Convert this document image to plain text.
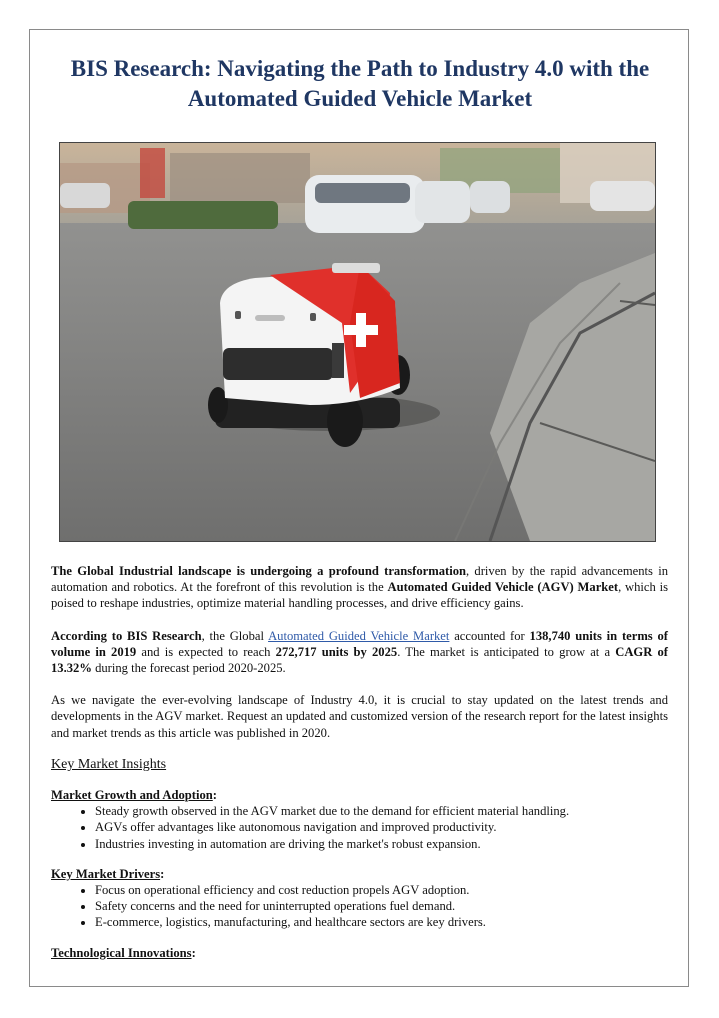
BIS Research: Navigating the Path to Industry 4.0 with the Automated Guided Vehicle Market

The Global Industrial landscape is undergoing a profound transformation, driven by the rapid advancements in automation and robotics. At the forefront of this revolution is the Automated Guided Vehicle (AGV) Market, which is poised to reshape industries, optimize material handling processes, and drive efficiency gains.

According to BIS Research, the Global Automated Guided Vehicle Market accounted for 138,740 units in terms of volume in 2019 and is expected to reach 272,717 units by 2025. The market is anticipated to grow at a CAGR of 13.32% during the forecast period 2020-2025.

As we navigate the ever-evolving landscape of Industry 4.0, it is crucial to stay updated on the latest trends and developments in the AGV market. Request an updated and customized version of the research report for the latest insights and market trends as this article was published in 2020.

Key Market Insights
Market Growth and Adoption:
• Steady growth observed in the AGV market due to the demand for efficient material handling.
• AGVs offer advantages like autonomous navigation and improved productivity.
• Industries investing in automation are driving the market's robust expansion.
Key Market Drivers:
• Focus on operational efficiency and cost reduction propels AGV adoption.
• Safety concerns and the need for uninterrupted operations fuel demand.
• E-commerce, logistics, manufacturing, and healthcare sectors are key drivers.
Technological Innovations:
